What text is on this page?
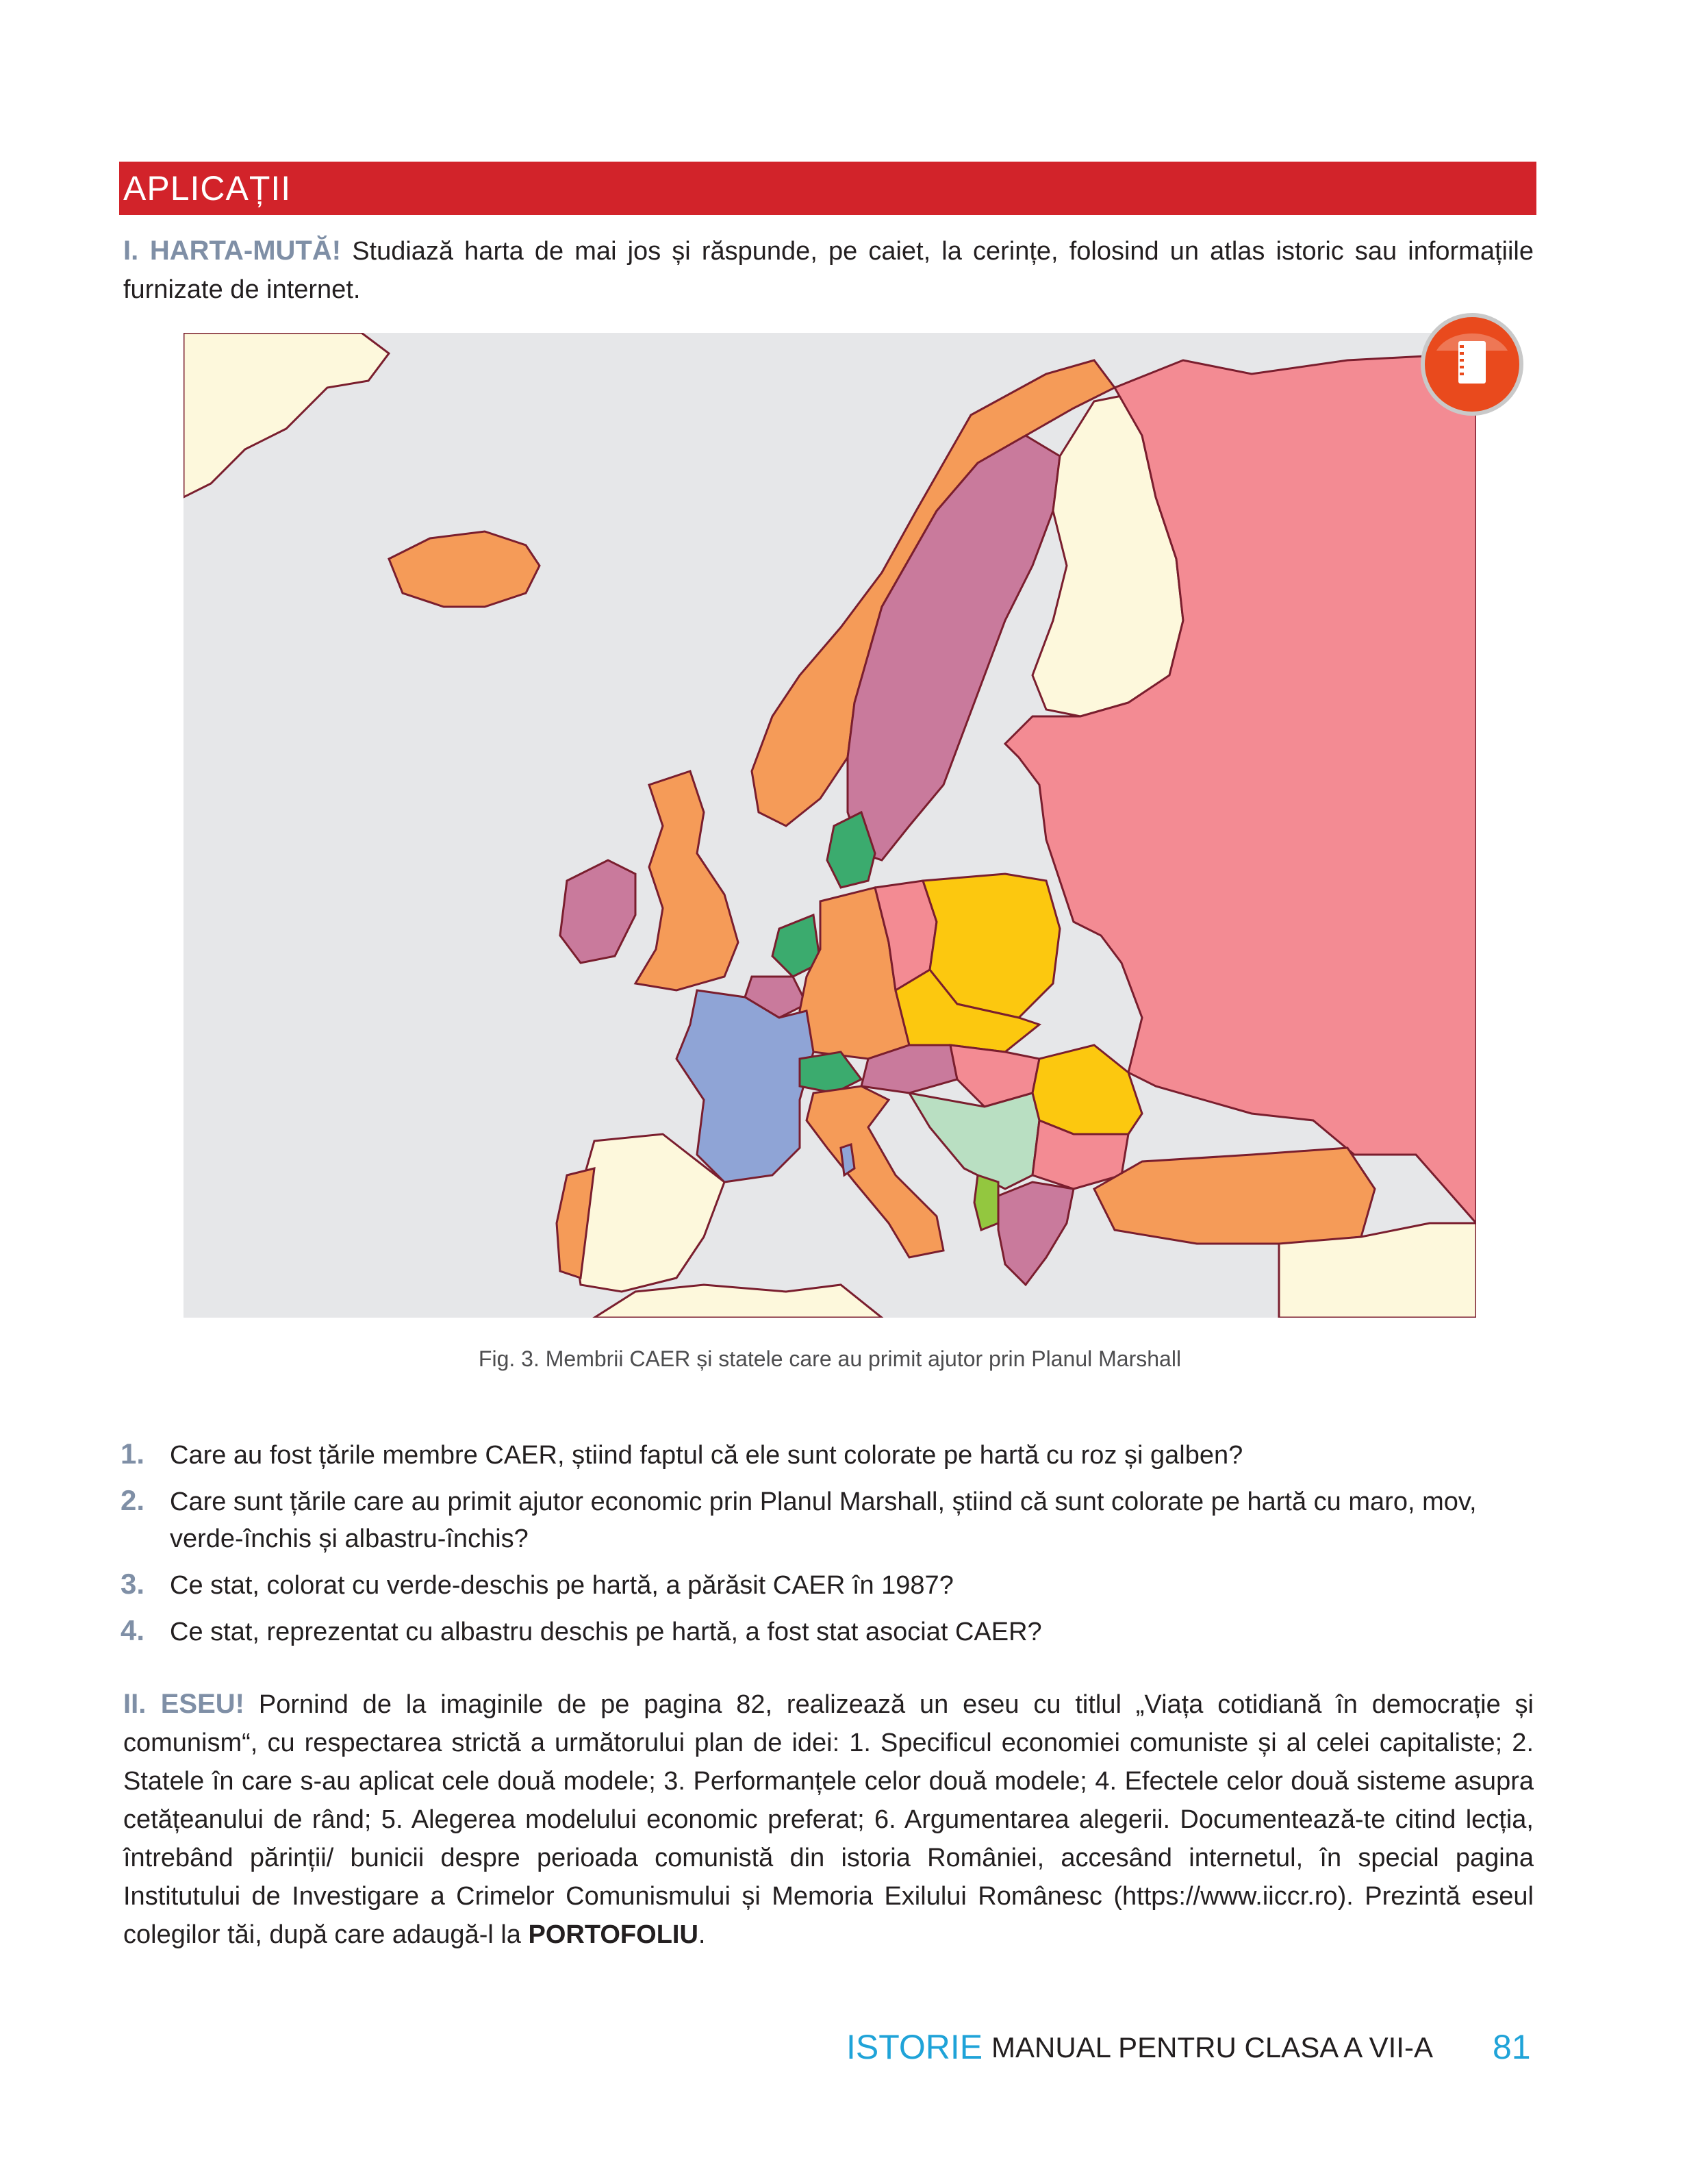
APLICAȚII

I. HARTA-MUTĂ! Studiază harta de mai jos și răspunde, pe caiet, la cerințe, folosind un atlas istoric sau informațiile furnizate de internet.

Fig. 3. Membrii CAER și statele care au primit ajutor prin Planul Marshall
1. Care au fost țările membre CAER, știind faptul că ele sunt colorate pe hartă cu roz și galben?
2. Care sunt țările care au primit ajutor economic prin Planul Marshall, știind că sunt colorate pe hartă cu maro, mov, verde-închis și albastru-închis?
3. Ce stat, colorat cu verde-deschis pe hartă, a părăsit CAER în 1987?
4. Ce stat, reprezentat cu albastru deschis pe hartă, a fost stat asociat CAER?

II. ESEU! Pornind de la imaginile de pe pagina 82, realizează un eseu cu titlul „Viața cotidiană în democrație și comunism“, cu respectarea strictă a următorului plan de idei: 1. Specificul economiei comuniste și al celei capitaliste; 2. Statele în care s-au aplicat cele două modele; 3. Performanțele celor două modele; 4. Efectele celor două sisteme asupra cetățeanului de rând; 5. Alegerea modelului economic preferat; 6. Argumentarea alegerii. Documentează-te citind lecția, întrebând părinții/ bunicii despre perioada comunistă din istoria României, accesând internetul, în special pagina Institutului de Investigare a Crimelor Comunismului și Memoria Exilului Românesc (https://www.iiccr.ro). Prezintă eseul colegilor tăi, după care adaugă-l la PORTOFOLIU.

ISTORIE MANUAL PENTRU CLASA A VII-A 81
